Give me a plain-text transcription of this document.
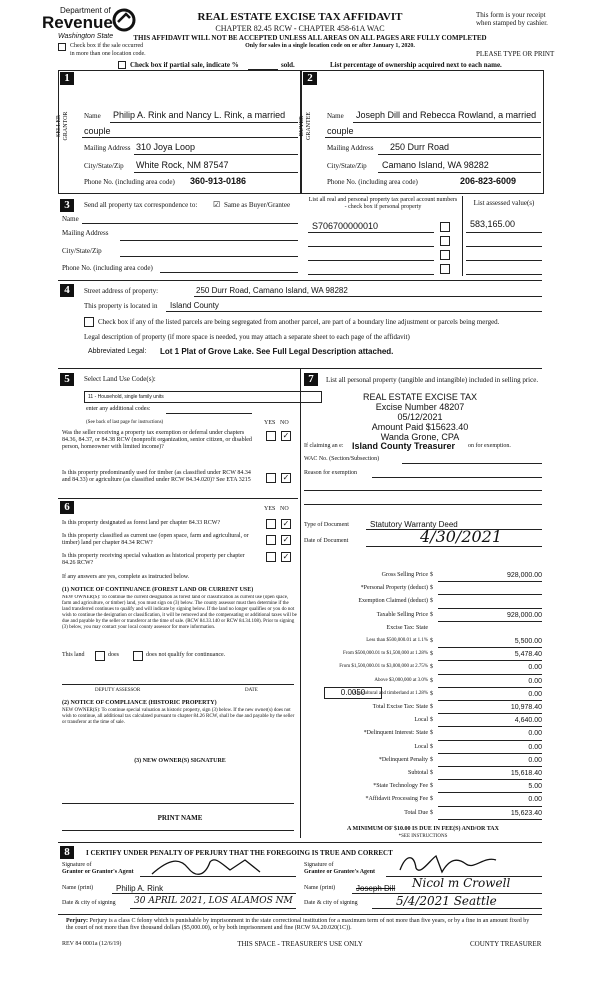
Department of
Revenue
Washington State
REAL ESTATE EXCISE TAX AFFIDAVIT
CHAPTER 82.45 RCW - CHAPTER 458-61A WAC
This form is your receipt
when stamped by cashier.
THIS AFFIDAVIT WILL NOT BE ACCEPTED UNLESS ALL AREAS ON ALL PAGES ARE FULLY COMPLETED
Check box if the sale occurred
in more than one location code.
Only for sales in a single location code on or after January 1, 2020.
PLEASE TYPE OR PRINT
Check box if partial sale, indicate %	sold.	List percentage of ownership acquired next to each name.
1
SELLER GRANTOR Name Philip A. Rink and Nancy L. Rink, a married
couple
Mailing Address 310 Joya Loop
City/State/Zip White Rock, NM 87547
Phone No. (including area code) 360-913-0186
2
BUYER GRANTEE Name Joseph Dill and Rebecca Rowland, a married
couple
Mailing Address 250 Durr Road
City/State/Zip Camano Island, WA 98282
Phone No. (including area code)	206-823-6009
3	Send all property tax correspondence to: ☑ Same as Buyer/Grantee
Name
Mailing Address
City/State/Zip
Phone No. (including area code)
List all real and personal property tax parcel account numbers - check box if personal property	List assessed value(s)
S706700000010	583,165.00
4	Street address of property:	250 Durr Road, Camano Island, WA 98282
This property is located in Island County
Check box if any of the listed parcels are being segregated from another parcel, are part of a boundary line adjustment or parcels being merged.
Legal description of property (if more space is needed, you may attach a separate sheet to each page of the affidavit)
Abbreviated Legal: Lot 1 Plat of Grove Lake. See Full Legal Description attached.
5	Select Land Use Code(s):
11 - Household, single family units
enter any additional codes:
(See back of last page for instructions)	YES NO
Was the seller receiving a property tax exemption or deferral under chapters 84.36, 84.37, or 84.38 RCW (nonprofit organization, senior citizen, or disabled person, homeowner with limited income)?
✓
Is this property predominantly used for timber (as classified under RCW 84.34 and 84.33) or agriculture (as classified under RCW 84.34.020)? See ETA 3215	✓
6	YES NO
Is this property designated as forest land per chapter 84.33 RCW?	✓
Is this property classified as current use (open space, farm and agricultural, or timber) land per chapter 84.34 RCW?	✓
Is this property receiving special valuation as historical property per chapter 84.26 RCW?
✓
If any answers are yes, complete as instructed below.
(1) NOTICE OF CONTINUANCE (FOREST LAND OR CURRENT USE)
NEW OWNER(S): To continue the current designation as forest land or classification as current use (open space, farm and agriculture, or timber) land, you must sign on (3) below. The county assessor must then determine if the land transferred continues to qualify and will indicate by signing below. If the land no longer qualifies or you do not wish to continue the designation or classification, it will be removed and the compensating or additional taxes will be due and payable by the seller or transferor at the time of sale. (RCW 84.33.140 or RCW 84.34.108). Prior to signing (3) below, you may contact your local county assessor for more information.
This land	does	does not qualify for continuance.
DEPUTY ASSESSOR	DATE
(2) NOTICE OF COMPLIANCE (HISTORIC PROPERTY)
NEW OWNER(S): To continue special valuation as historic property, sign (3) below. If the new owner(s) does not wish to continue, all additional tax calculated pursuant to chapter 84.26 RCW, shall be due and payable by the seller or transferor at the time of sale.
(3) NEW OWNER(S) SIGNATURE
PRINT NAME
7	List all personal property (tangible and intangible) included in selling price.
REAL ESTATE EXCISE TAX
Excise Number 48207
05/12/2021
Amount Paid $15623.40
Wanda Grone, CPA
If claiming an e: Island County Treasurer on for exemption.
WAC No. (Section/Subsection)
Reason for exemption
Type of Document	Statutory Warranty Deed
Date of Document	4/30/2021
Gross Selling Price $	928,000.00
*Personal Property (deduct) $
Exemption Claimed (deduct) $
Taxable Selling Price $	928,000.00
Excise Tax: State
Less than $500,000.01 at 1.1% $	5,500.00
From $500,000.01 to $1,500,000 at 1.28% $	5,478.40
From $1,500,000.01 to $3,000,000 at 2.75% $	0.00
Above $3,000,000 at 3.0% $	0.00
Agricultural and timberland at 1.28% $	0.00
Total Excise Tax: State $	10,978.40
Local $	4,640.00
*Delinquent Interest: State $	0.00
Local $	0.00
*Delinquent Penalty $	0.00
Subtotal $	15,618.40
*State Technology Fee $	5.00
*Affidavit Processing Fee $	0.00
Total Due $	15,623.40
0.0050
A MINIMUM OF $10.00 IS DUE IN FEE(S) AND/OR TAX
*SEE INSTRUCTIONS
8	I CERTIFY UNDER PENALTY OF PERJURY THAT THE FOREGOING IS TRUE AND CORRECT
Signature of
Grantor or Grantor's Agent
Signature of
Grantee or Grantee's Agent
Name (print)	Philip A. Rink	Name (print)	Joseph Dill Nicol m Crowell
Date & city of signing 30 APRIL 2021, LOS ALAMOS NM Date & city of signing	5/4/2021 Seattle
Perjury: Perjury is a class C felony which is punishable by imprisonment in the state correctional institution for a maximum term of not more than five years, or by a fine in an amount fixed by the court of not more than five thousand dollars ($5,000.00), or by both imprisonment and fine (RCW 9A.20.020(1C)).
REV 84 0001a (12/6/19)	THIS SPACE - TREASURER'S USE ONLY	COUNTY TREASURER
